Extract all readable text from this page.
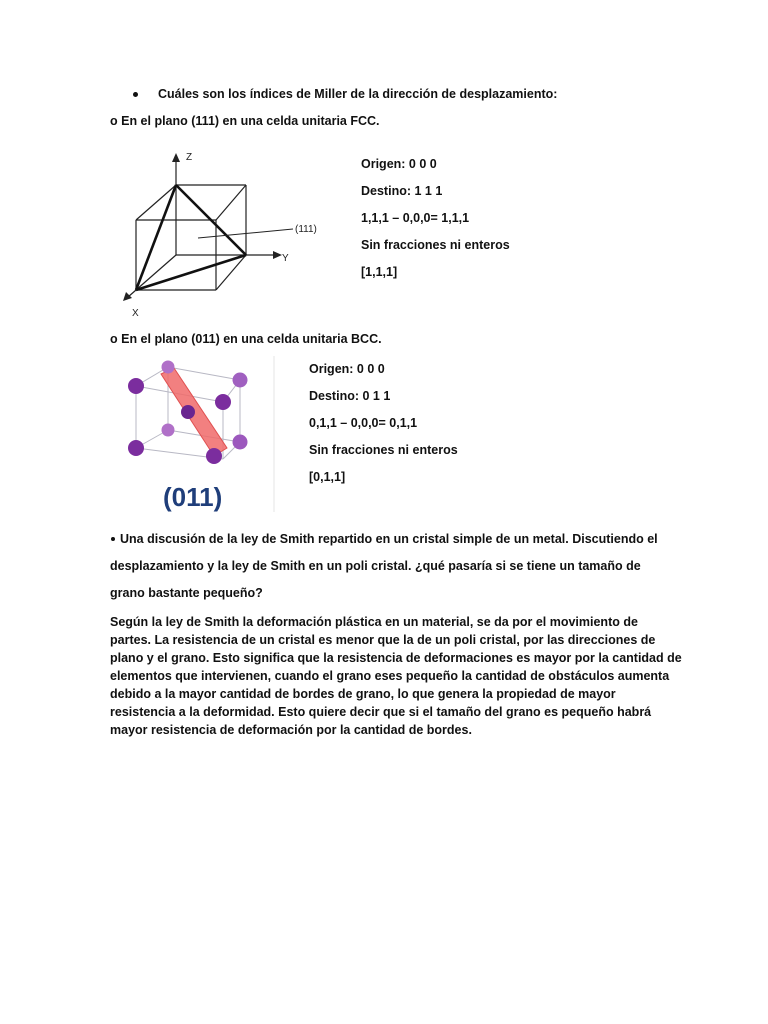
Cuáles son los índices de Miller de la dirección de desplazamiento:
o En el plano (111) en una celda unitaria FCC.
Z
Y
X
(111)
Origen: 0 0 0
Destino: 1 1 1
1,1,1 – 0,0,0= 1,1,1
Sin fracciones ni enteros
[1,1,1]
o En el plano (011) en una celda unitaria BCC.
(011)
Origen: 0 0 0
Destino: 0 1 1
0,1,1 – 0,0,0= 0,1,1
Sin fracciones ni enteros
[0,1,1]
Una discusión de la ley de Smith repartido en un cristal simple de un metal. Discutiendo el
desplazamiento y la ley de Smith en un poli cristal. ¿qué pasaría si se tiene un tamaño de
grano bastante pequeño?
Según la ley de Smith la deformación plástica en un material, se da por el movimiento de
partes. La resistencia de un cristal es menor que la de un poli cristal, por las direcciones de
plano y el grano. Esto significa que la resistencia de deformaciones es mayor por la cantidad de
elementos que intervienen, cuando el grano eses pequeño la cantidad de obstáculos aumenta
debido a la mayor cantidad de bordes de grano, lo que genera la propiedad de mayor
resistencia a la deformidad. Esto quiere decir que si el tamaño del grano es pequeño habrá
mayor resistencia de deformación por la cantidad de bordes.
